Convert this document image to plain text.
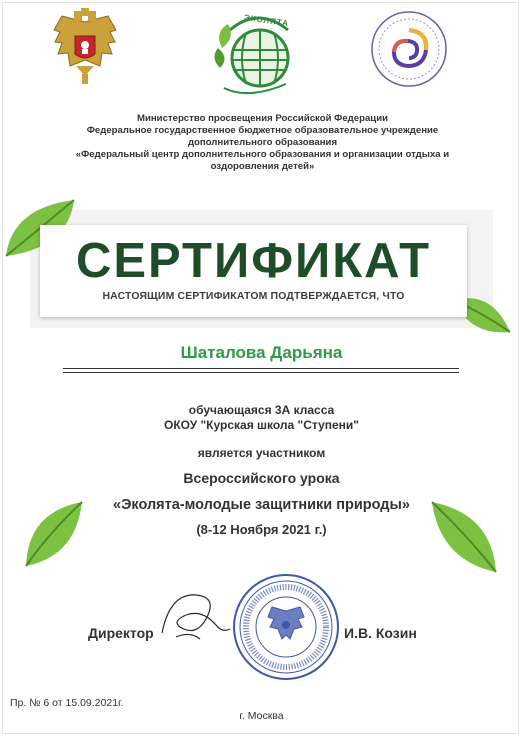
ЭКОЛЯТА
Министерство просвещения Российской Федерации
Федеральное государственное бюджетное образовательное учреждение
дополнительного образования
«Федеральный центр дополнительного образования и организации отдыха и
оздоровления детей»
СЕРТИФИКАТ
НАСТОЯЩИМ СЕРТИФИКАТОМ ПОДТВЕРЖДАЕТСЯ, ЧТО
Шаталова Дарьяна
обучающаяся 3А класса
ОКОУ "Курская школа "Ступени"
является участником
Всероссийского урока
«Эколята-молодые защитники природы»
(8-12 Ноября 2021 г.)
Директор	И.В. Козин
Пр. № 6 от 15.09.2021г.
г. Москва
